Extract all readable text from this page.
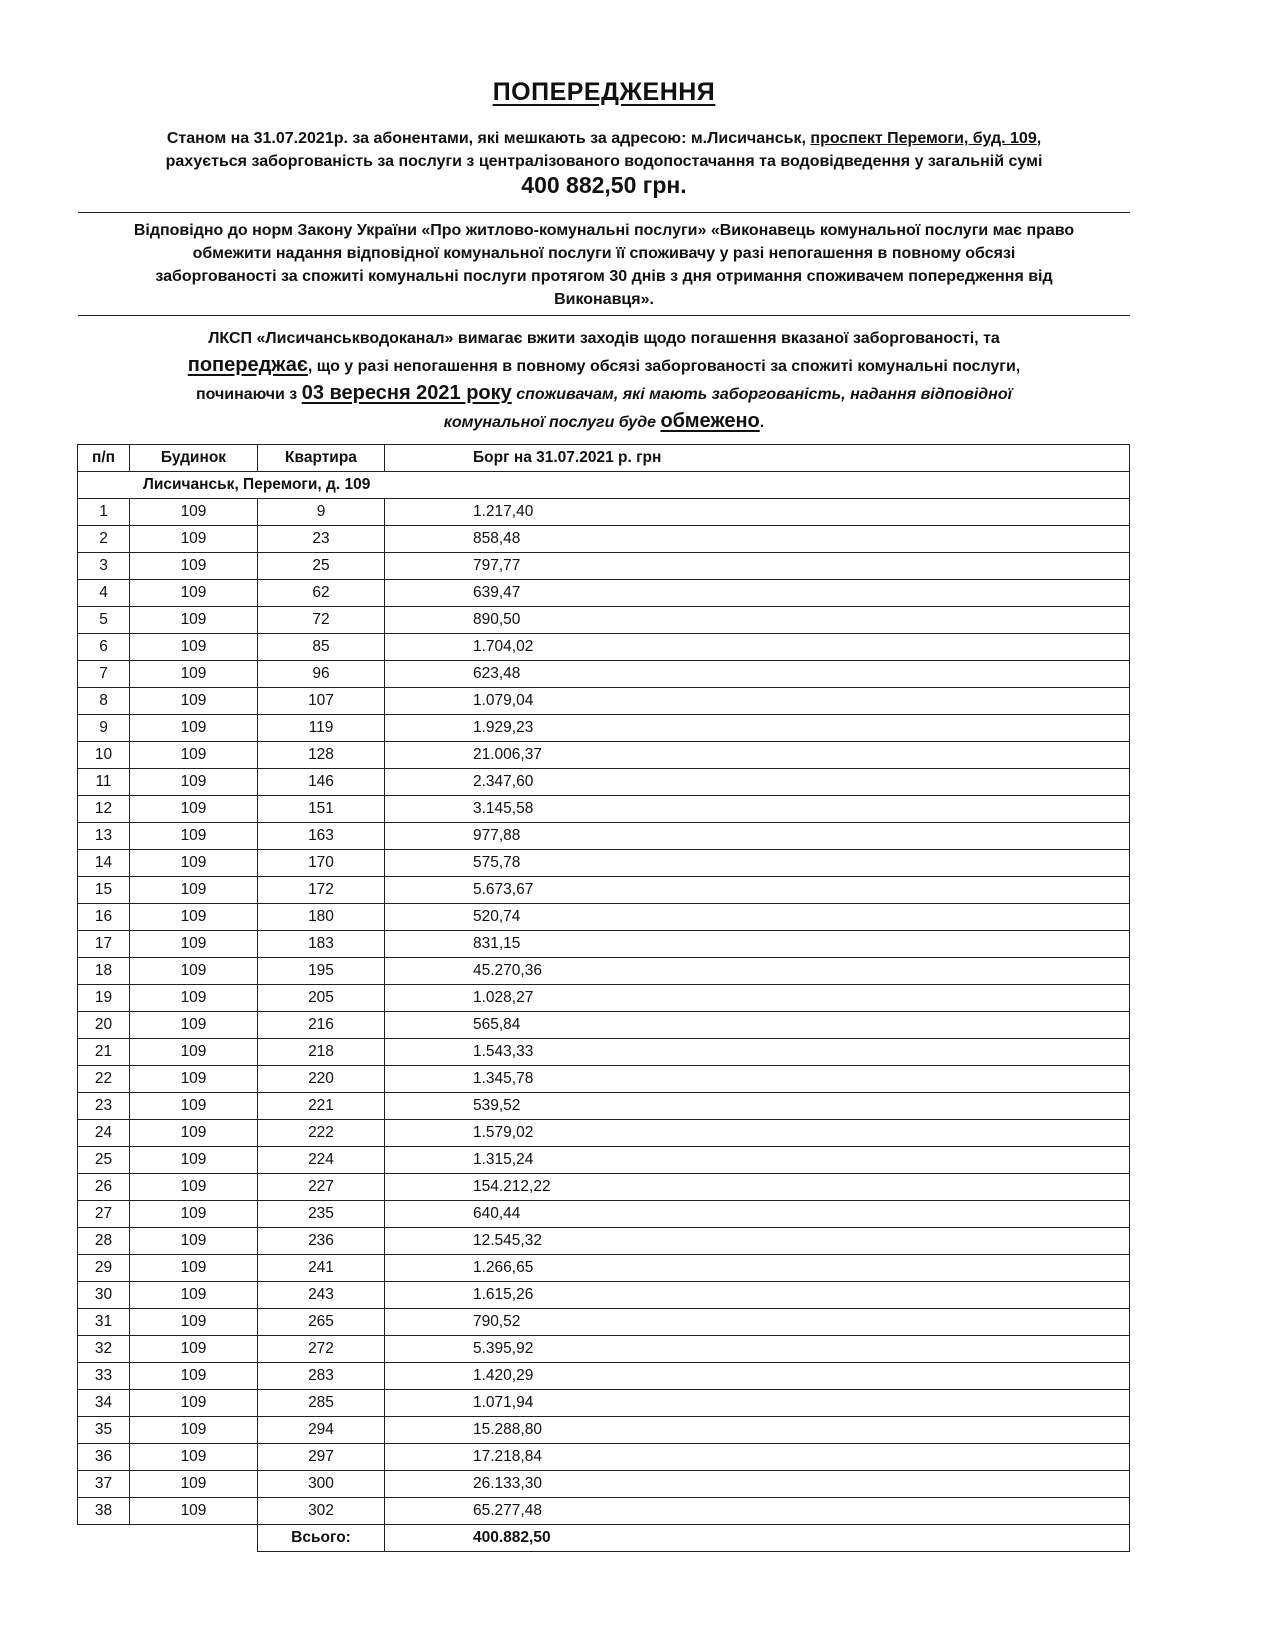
ПОПЕРЕДЖЕННЯ
Станом на 31.07.2021р. за абонентами, які мешкають за адресою: м.Лисичанськ, проспект Перемоги, буд. 109,
рахується заборгованість за послуги з централізованого водопостачання та водовідведення у загальній сумі
400 882,50 грн.
Відповідно до норм Закону України «Про житлово-комунальні послуги» «Виконавець комунальної послуги має право
обмежити надання відповідної комунальної послуги її споживачу у разі непогашення в повному обсязі
заборгованості за спожиті комунальні послуги протягом 30 днів з дня отримання споживачем попередження від
Виконавця».
ЛКСП «Лисичанськводоканал» вимагає вжити заходів щодо погашення вказаної заборгованості, та
попереджає, що у разі непогашення в повному обсязі заборгованості за спожиті комунальні послуги,
починаючи з 03 вересня 2021 року споживачам, які мають заборгованість, надання відповідної
комунальної послуги буде обмежено.
п/п	Будинок	Квартира	Борг на 31.07.2021 р. грн
Лисичанськ, Перемоги, д. 109			
1	109	9	1.217,40
2	109	23	858,48
3	109	25	797,77
4	109	62	639,47
5	109	72	890,50
6	109	85	1.704,02
7	109	96	623,48
8	109	107	1.079,04
9	109	119	1.929,23
10	109	128	21.006,37
11	109	146	2.347,60
12	109	151	3.145,58
13	109	163	977,88
14	109	170	575,78
15	109	172	5.673,67
16	109	180	520,74
17	109	183	831,15
18	109	195	45.270,36
19	109	205	1.028,27
20	109	216	565,84
21	109	218	1.543,33
22	109	220	1.345,78
23	109	221	539,52
24	109	222	1.579,02
25	109	224	1.315,24
26	109	227	154.212,22
27	109	235	640,44
28	109	236	12.545,32
29	109	241	1.266,65
30	109	243	1.615,26
31	109	265	790,52
32	109	272	5.395,92
33	109	283	1.420,29
34	109	285	1.071,94
35	109	294	15.288,80
36	109	297	17.218,84
37	109	300	26.133,30
38	109	302	65.277,48
		Всього:	400.882,50
